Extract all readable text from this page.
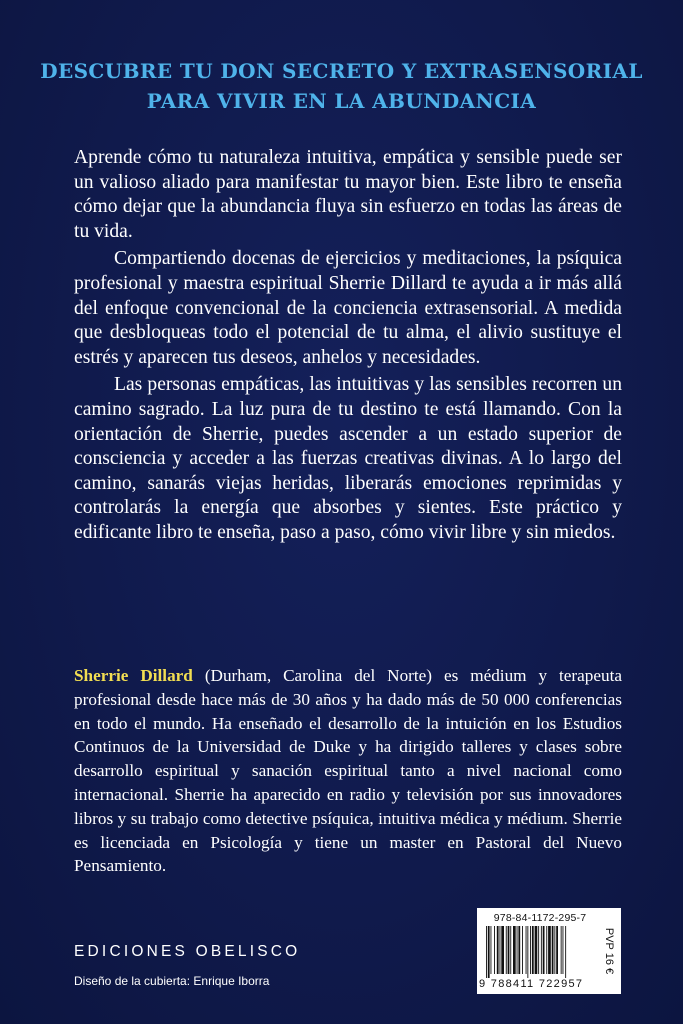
DESCUBRE TU DON SECRETO Y EXTRASENSORIAL
PARA VIVIR EN LA ABUNDANCIA

Aprende cómo tu naturaleza intuitiva, empática y sensible puede ser un valioso aliado para manifestar tu mayor bien. Este libro te enseña cómo dejar que la abundancia fluya sin esfuerzo en todas las áreas de tu vida.

Compartiendo docenas de ejercicios y meditaciones, la psíquica profesional y maestra espiritual Sherrie Dillard te ayuda a ir más allá del enfoque convencional de la conciencia extrasensorial. A medida que desbloqueas todo el potencial de tu alma, el alivio sustituye el estrés y aparecen tus deseos, anhelos y necesidades.

Las personas empáticas, las intuitivas y las sensibles recorren un camino sagrado. La luz pura de tu destino te está llamando. Con la orientación de Sherrie, puedes ascender a un estado superior de consciencia y acceder a las fuerzas creativas divinas. A lo largo del camino, sanarás viejas heridas, liberarás emociones reprimidas y controlarás la energía que absorbes y sientes. Este práctico y edificante libro te enseña, paso a paso, cómo vivir libre y sin miedos.

Sherrie Dillard (Durham, Carolina del Norte) es médium y terapeuta profesional desde hace más de 30 años y ha dado más de 50 000 conferencias en todo el mundo. Ha enseñado el desarrollo de la intuición en los Estudios Continuos de la Universidad de Duke y ha dirigido talleres y clases sobre desarrollo espiritual y sanación espiritual tanto a nivel nacional como internacional. Sherrie ha aparecido en radio y televisión por sus innovadores libros y su trabajo como detective psíquica, intuitiva médica y médium. Sherrie es licenciada en Psicología y tiene un master en Pastoral del Nuevo Pensamiento.
EDICIONES OBELISCO
Diseño de la cubierta: Enrique Iborra
978-84-1172-295-7
9 788411 722957
PVP 16 €
